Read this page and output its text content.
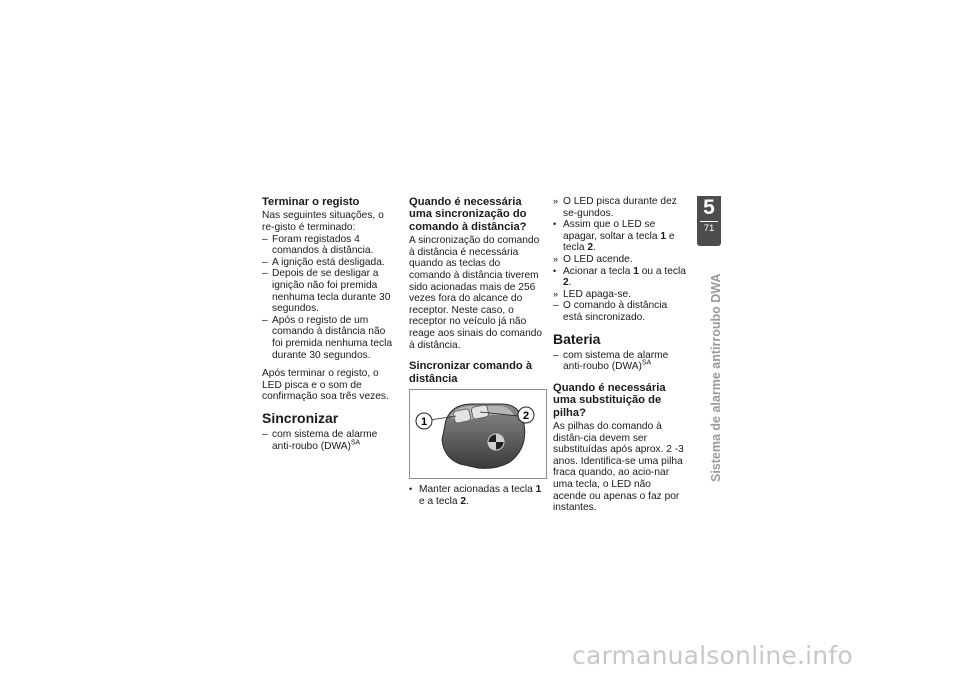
Terminar o registo

Nas seguintes situações, o re-gisto é terminado:

– Foram registados 4 comandos à distância.
– A ignição está desligada.
– Depois de se desligar a ignição não foi premida nenhuma tecla durante 30 segundos.
– Após o registo de um comando à distância não foi premida nenhuma tecla durante 30 segundos.

Após terminar o registo, o LED pisca e o som de confirmação soa três vezes.

Sincronizar
– com sistema de alarme anti-roubo (DWA)$^{SA}$
Quando é necessária uma sincronização do comando à distância?

A sincronização do comando à distância é necessária quando as teclas do comando à distância tiverem sido acionadas mais de 256 vezes fora do alcance do receptor. Neste caso, o receptor no veículo já não reage aos sinais do comando à distância.

Sincronizar comando à distância
1	2
• Manter acionadas a tecla 1 e a tecla 2.
» O LED pisca durante dez se-gundos.
• Assim que o LED se apagar, soltar a tecla 1 e tecla 2.
» O LED acende.
• Acionar a tecla 1 ou a tecla 2.
» LED apaga-se.
– O comando à distância está sincronizado.
Bateria
– com sistema de alarme anti-roubo (DWA)$^{SA}$
Quando é necessária uma substituição de pilha?

As pilhas do comando à distân-cia devem ser substituídas após aprox. 2 -3 anos. Identifica-se uma pilha fraca quando, ao acio-nar uma tecla, o LED não acende ou apenas o faz por instantes.

5
71
Sistema de alarme antirroubo DWA
carmanualsonline.info
